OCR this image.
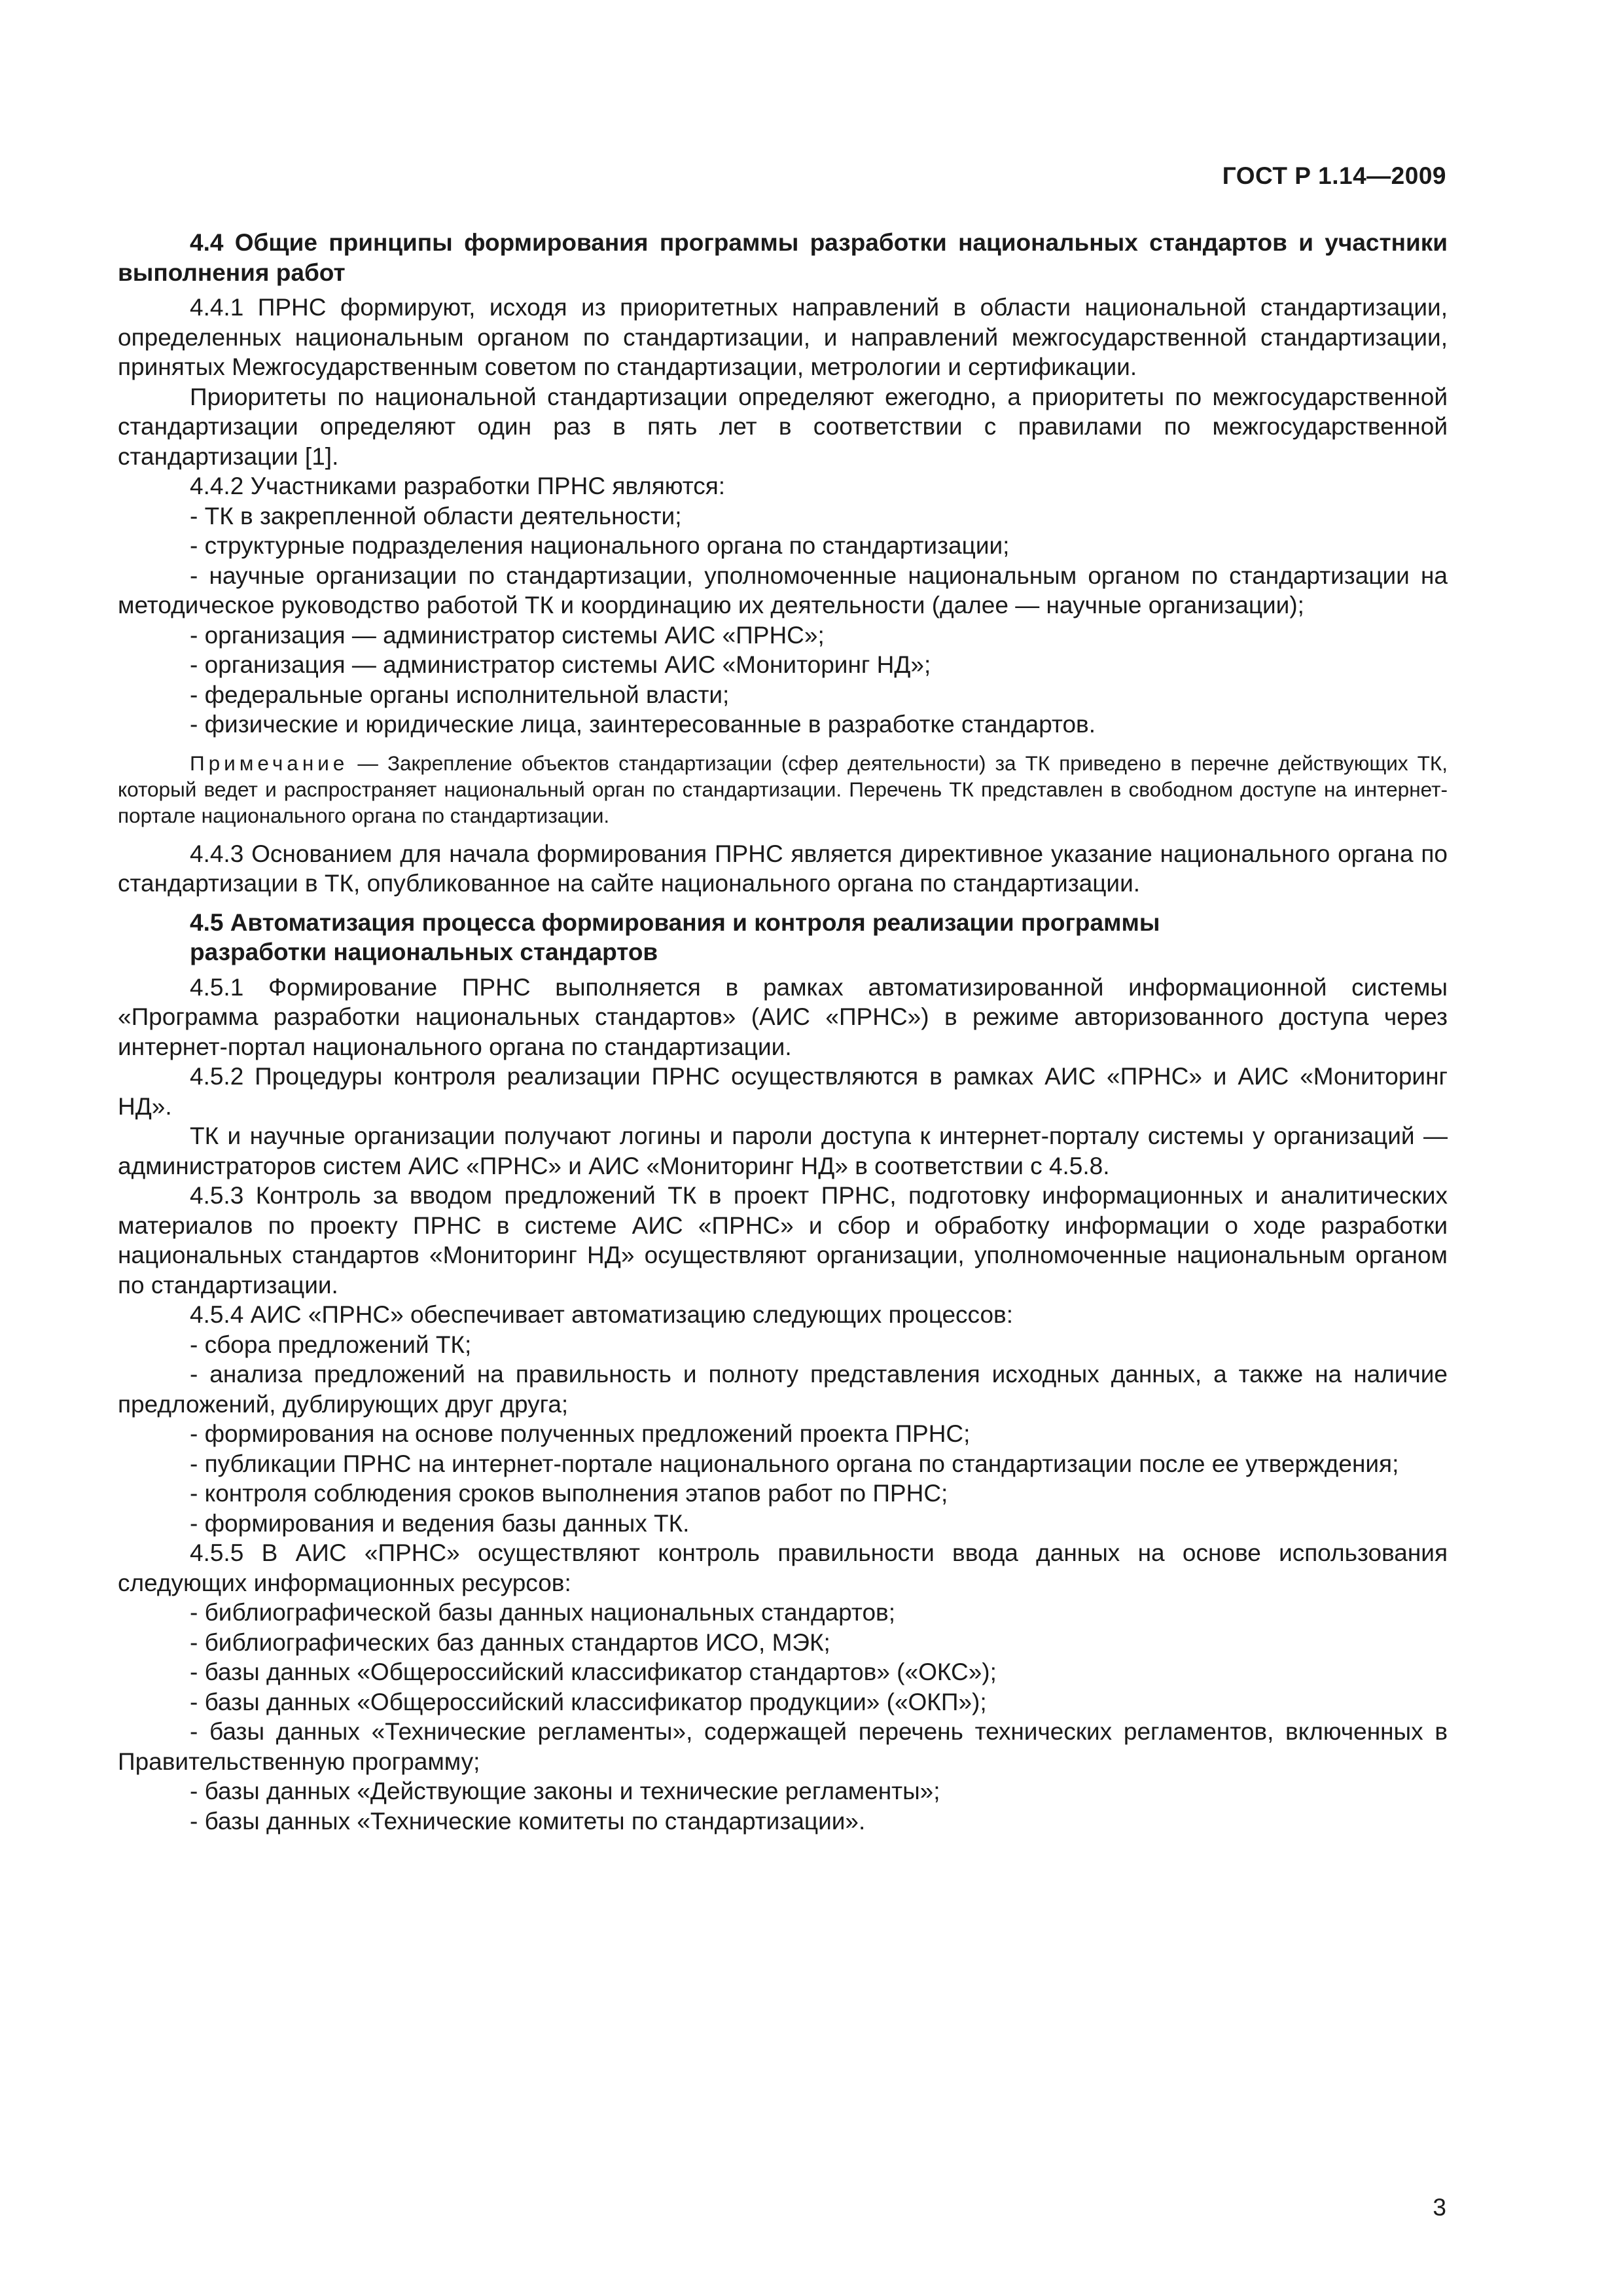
ГОСТ Р 1.14—2009
4.4 Общие принципы формирования программы разработки национальных стандартов и участники выполнения работ

4.4.1 ПРНС формируют, исходя из приоритетных направлений в области национальной стандартизации, определенных национальным органом по стандартизации, и направлений межгосударственной стандартизации, принятых Межгосударственным советом по стандартизации, метрологии и сертификации.

Приоритеты по национальной стандартизации определяют ежегодно, а приоритеты по межгосударственной стандартизации определяют один раз в пять лет в соответствии с правилами по межгосударственной стандартизации [1].

4.4.2 Участниками разработки ПРНС являются:

- ТК в закрепленной области деятельности;

- структурные подразделения национального органа по стандартизации;

- научные организации по стандартизации, уполномоченные национальным органом по стандартизации на методическое руководство работой ТК и координацию их деятельности (далее — научные организации);

- организация — администратор системы АИС «ПРНС»;

- организация — администратор системы АИС «Мониторинг НД»;

- федеральные органы исполнительной власти;

- физические и юридические лица, заинтересованные в разработке стандартов.

Примечание — Закрепление объектов стандартизации (сфер деятельности) за ТК приведено в перечне действующих ТК, который ведет и распространяет национальный орган по стандартизации. Перечень ТК представлен в свободном доступе на интернет-портале национального органа по стандартизации.

4.4.3 Основанием для начала формирования ПРНС является директивное указание национального органа по стандартизации в ТК, опубликованное на сайте национального органа по стандартизации.

4.5 Автоматизация процесса формирования и контроля реализации программы
разработки национальных стандартов

4.5.1 Формирование ПРНС выполняется в рамках автоматизированной информационной системы «Программа разработки национальных стандартов» (АИС «ПРНС») в режиме авторизованного доступа через интернет-портал национального органа по стандартизации.

4.5.2 Процедуры контроля реализации ПРНС осуществляются в рамках АИС «ПРНС» и АИС «Мониторинг НД».

ТК и научные организации получают логины и пароли доступа к интернет-порталу системы у организаций — администраторов систем АИС «ПРНС» и АИС «Мониторинг НД» в соответствии с 4.5.8.

4.5.3 Контроль за вводом предложений ТК в проект ПРНС, подготовку информационных и аналитических материалов по проекту ПРНС в системе АИС «ПРНС» и сбор и обработку информации о ходе разработки национальных стандартов «Мониторинг НД» осуществляют организации, уполномоченные национальным органом по стандартизации.

4.5.4 АИС «ПРНС» обеспечивает автоматизацию следующих процессов:

- сбора предложений ТК;

- анализа предложений на правильность и полноту представления исходных данных, а также на наличие предложений, дублирующих друг друга;

- формирования на основе полученных предложений проекта ПРНС;

- публикации ПРНС на интернет-портале национального органа по стандартизации после ее утверждения;

- контроля соблюдения сроков выполнения этапов работ по ПРНС;

- формирования и ведения базы данных ТК.

4.5.5 В АИС «ПРНС» осуществляют контроль правильности ввода данных на основе использования следующих информационных ресурсов:

- библиографической базы данных национальных стандартов;

- библиографических баз данных стандартов ИСО, МЭК;

- базы данных «Общероссийский классификатор стандартов» («ОКС»);

- базы данных «Общероссийский классификатор продукции» («ОКП»);

- базы данных «Технические регламенты», содержащей перечень технических регламентов, включенных в Правительственную программу;

- базы данных «Действующие законы и технические регламенты»;

- базы данных «Технические комитеты по стандартизации».

3
